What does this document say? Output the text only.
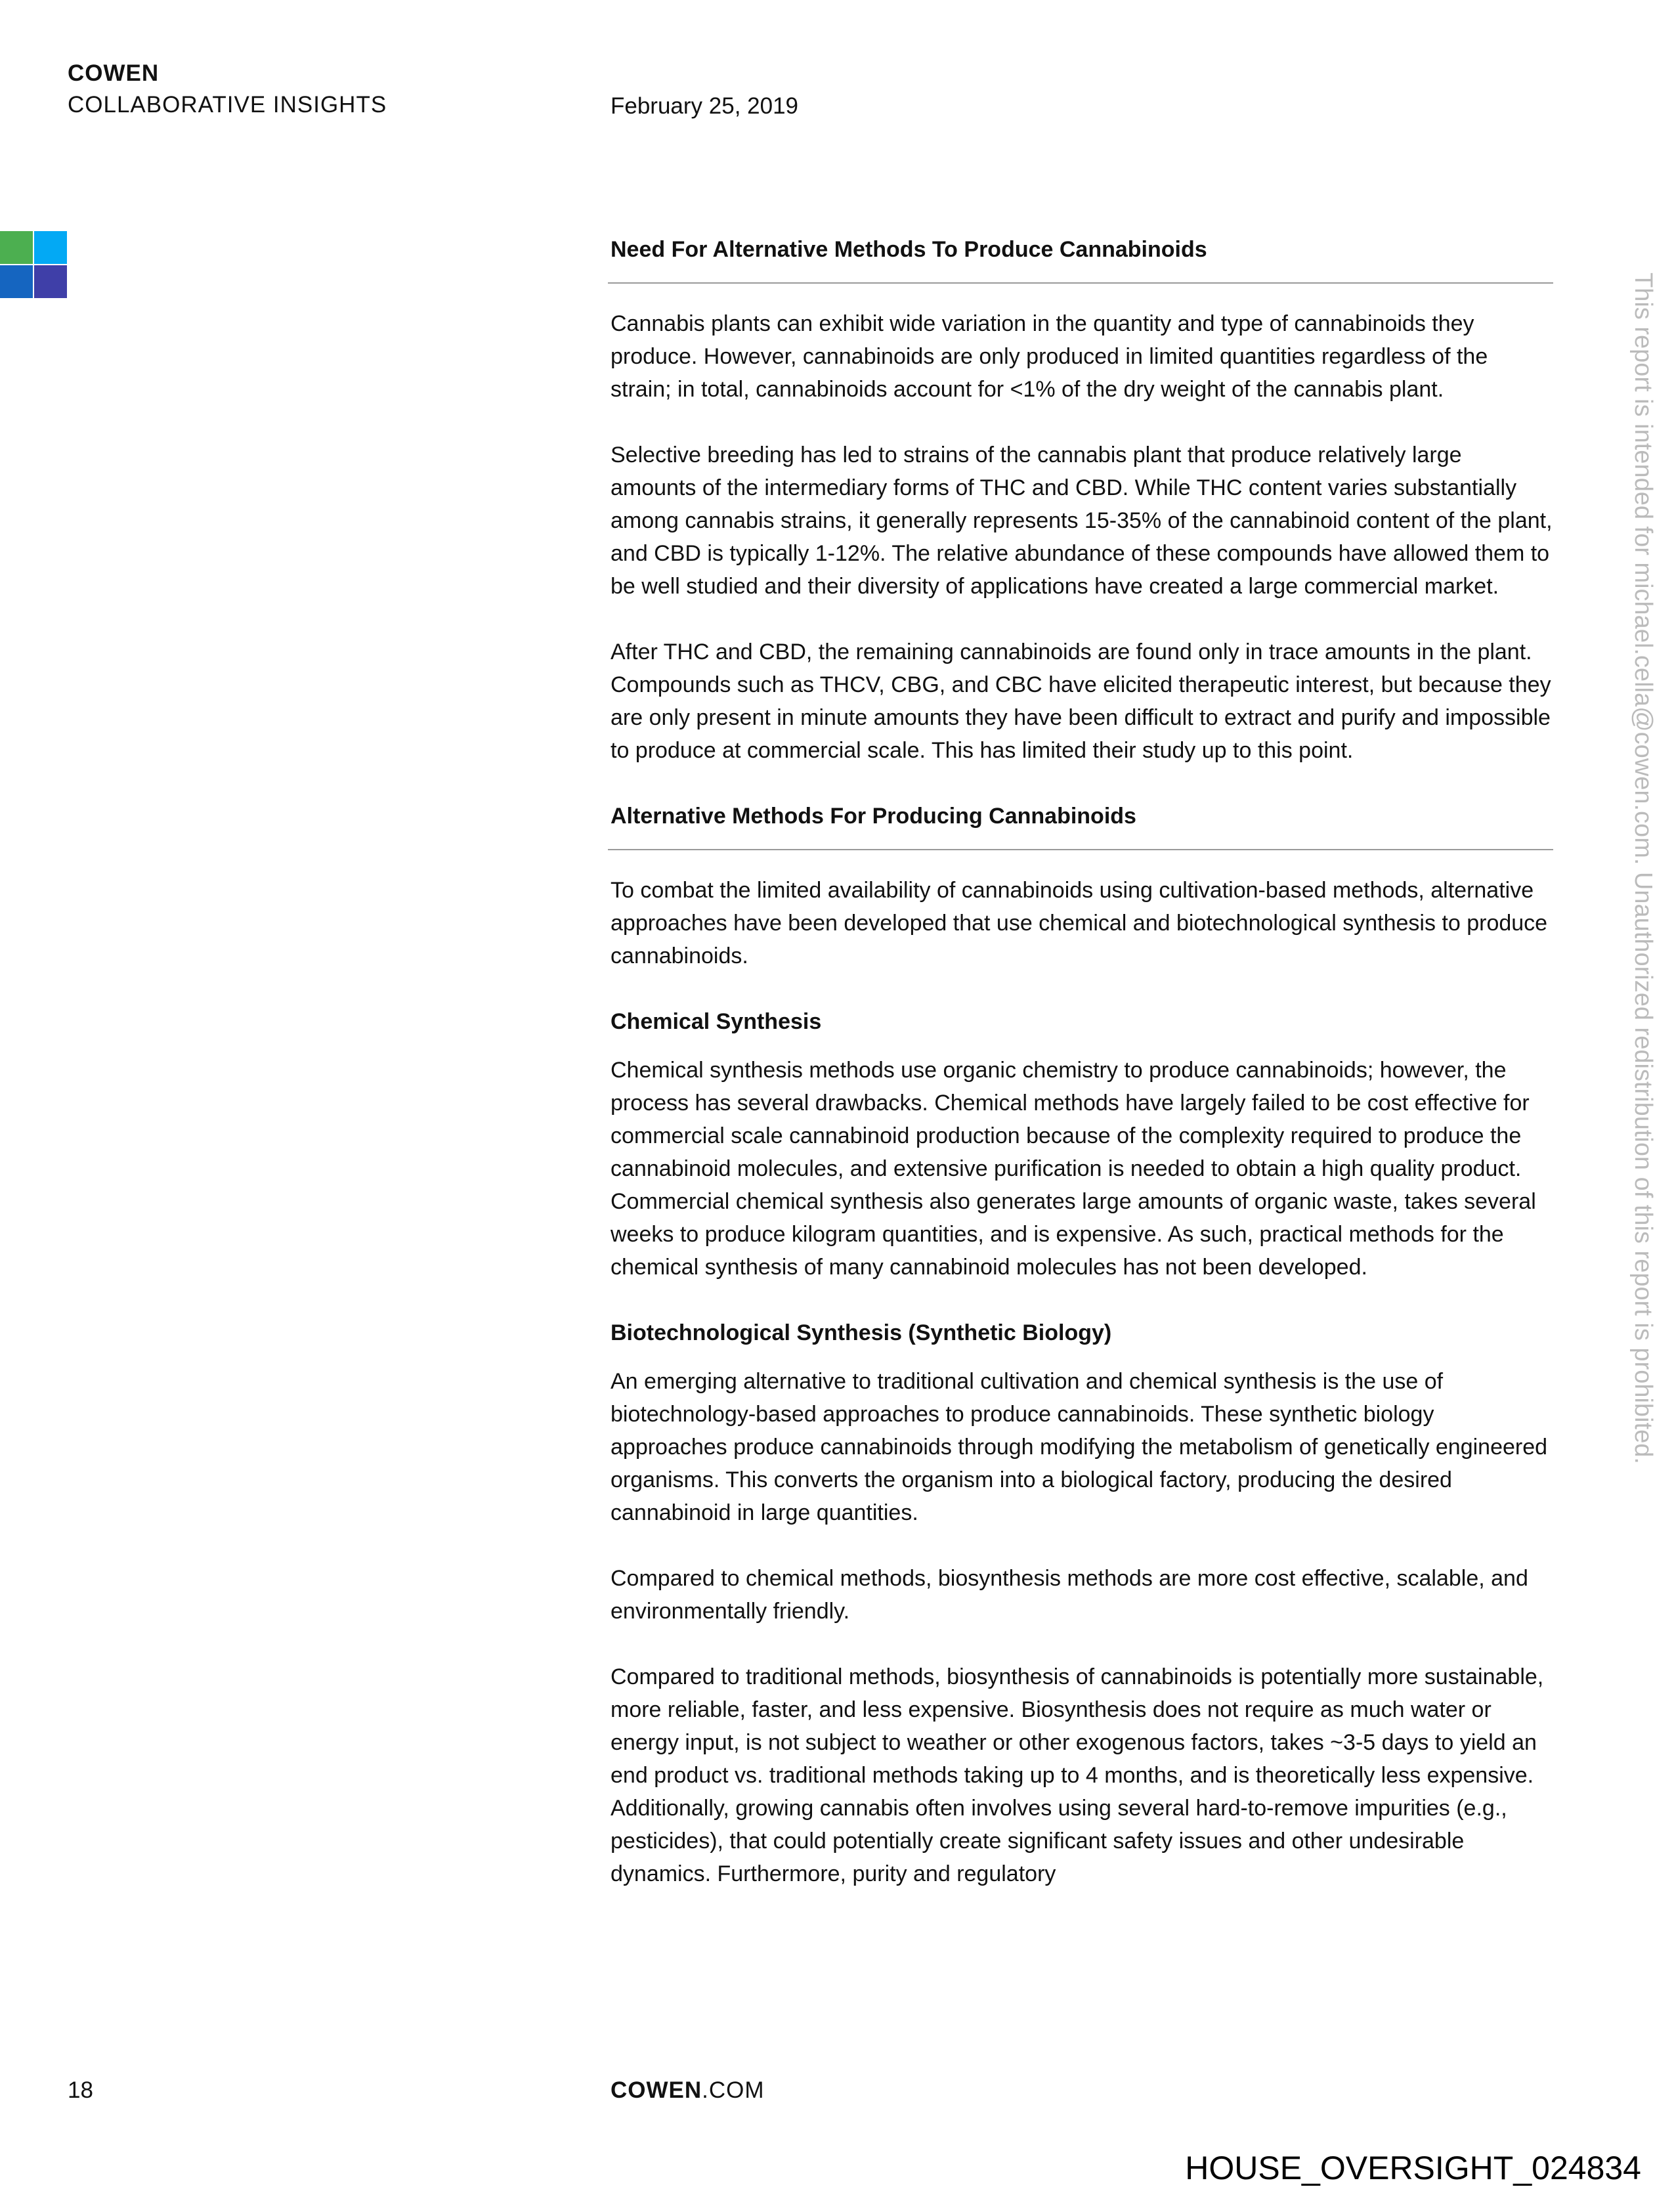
COWEN
COLLABORATIVE INSIGHTS	February 25, 2019
Need For Alternative Methods To Produce Cannabinoids

Cannabis plants can exhibit wide variation in the quantity and type of cannabinoids they produce. However, cannabinoids are only produced in limited quantities regardless of the strain; in total, cannabinoids account for <1% of the dry weight of the cannabis plant.

Selective breeding has led to strains of the cannabis plant that produce relatively large amounts of the intermediary forms of THC and CBD. While THC content varies substantially among cannabis strains, it generally represents 15-35% of the cannabinoid content of the plant, and CBD is typically 1-12%. The relative abundance of these compounds have allowed them to be well studied and their diversity of applications have created a large commercial market.

After THC and CBD, the remaining cannabinoids are found only in trace amounts in the plant. Compounds such as THCV, CBG, and CBC have elicited therapeutic interest, but because they are only present in minute amounts they have been difficult to extract and purify and impossible to produce at commercial scale. This has limited their study up to this point.

Alternative Methods For Producing Cannabinoids

To combat the limited availability of cannabinoids using cultivation-based methods, alternative approaches have been developed that use chemical and biotechnological synthesis to produce cannabinoids.

Chemical Synthesis

Chemical synthesis methods use organic chemistry to produce cannabinoids; however, the process has several drawbacks. Chemical methods have largely failed to be cost effective for commercial scale cannabinoid production because of the complexity required to produce the cannabinoid molecules, and extensive purification is needed to obtain a high quality product. Commercial chemical synthesis also generates large amounts of organic waste, takes several weeks to produce kilogram quantities, and is expensive. As such, practical methods for the chemical synthesis of many cannabinoid molecules has not been developed.

Biotechnological Synthesis (Synthetic Biology)

An emerging alternative to traditional cultivation and chemical synthesis is the use of biotechnology-based approaches to produce cannabinoids. These synthetic biology approaches produce cannabinoids through modifying the metabolism of genetically engineered organisms. This converts the organism into a biological factory, producing the desired cannabinoid in large quantities.

Compared to chemical methods, biosynthesis methods are more cost effective, scalable, and environmentally friendly.

Compared to traditional methods, biosynthesis of cannabinoids is potentially more sustainable, more reliable, faster, and less expensive. Biosynthesis does not require as much water or energy input, is not subject to weather or other exogenous factors, takes ~3-5 days to yield an end product vs. traditional methods taking up to 4 months, and is theoretically less expensive. Additionally, growing cannabis often involves using several hard-to-remove impurities (e.g., pesticides), that could potentially create significant safety issues and other undesirable dynamics. Furthermore, purity and regulatory

This report is intended for michael.cella@cowen.com. Unauthorized redistribution of this report is prohibited.
18	COWEN.COM
HOUSE_OVERSIGHT_024834
